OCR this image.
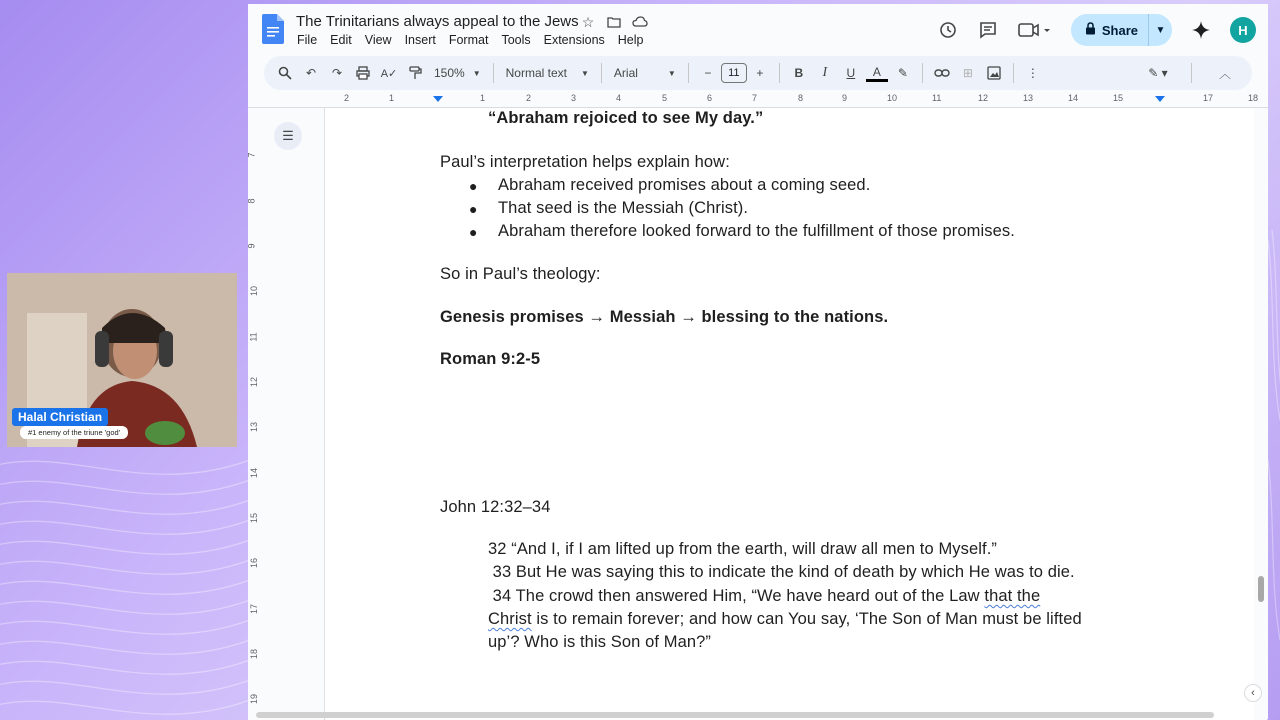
The Trinitarians always appeal to the Jews ☆
File Edit View Insert Format Tools Extensions Help
Share	▼	H
↶	↷	A✓	150% ▼ Normal text ▼ Arial	▼	−	11	+	B	I	U	A	✎	⊞	⋮	✎ ▾	︿
2	1	1	2	3	4	5	6	7	8	9	10	11	12	13	14	15	17	18
7
8
9
10
11
12
13
14
15
16
17
18
19
☰
“Abraham rejoiced to see My day.”
Paul’s interpretation helps explain how:
● Abraham received promises about a coming seed.
● That seed is the Messiah (Christ).
● Abraham therefore looked forward to the fulfillment of those promises.
So in Paul’s theology:
Genesis promises → Messiah → blessing to the nations.
Roman 9:2-5
John 12:32–34
32 “And I, if I am lifted up from the earth, will draw all men to Myself.”
33 But He was saying this to indicate the kind of death by which He was to die.
34 The crowd then answered Him, “We have heard out of the Law that the
Christ is to remain forever; and how can You say, ‘The Son of Man must be lifted
up’? Who is this Son of Man?”
‹
Halal Christian
#1 enemy of the triune 'god'
